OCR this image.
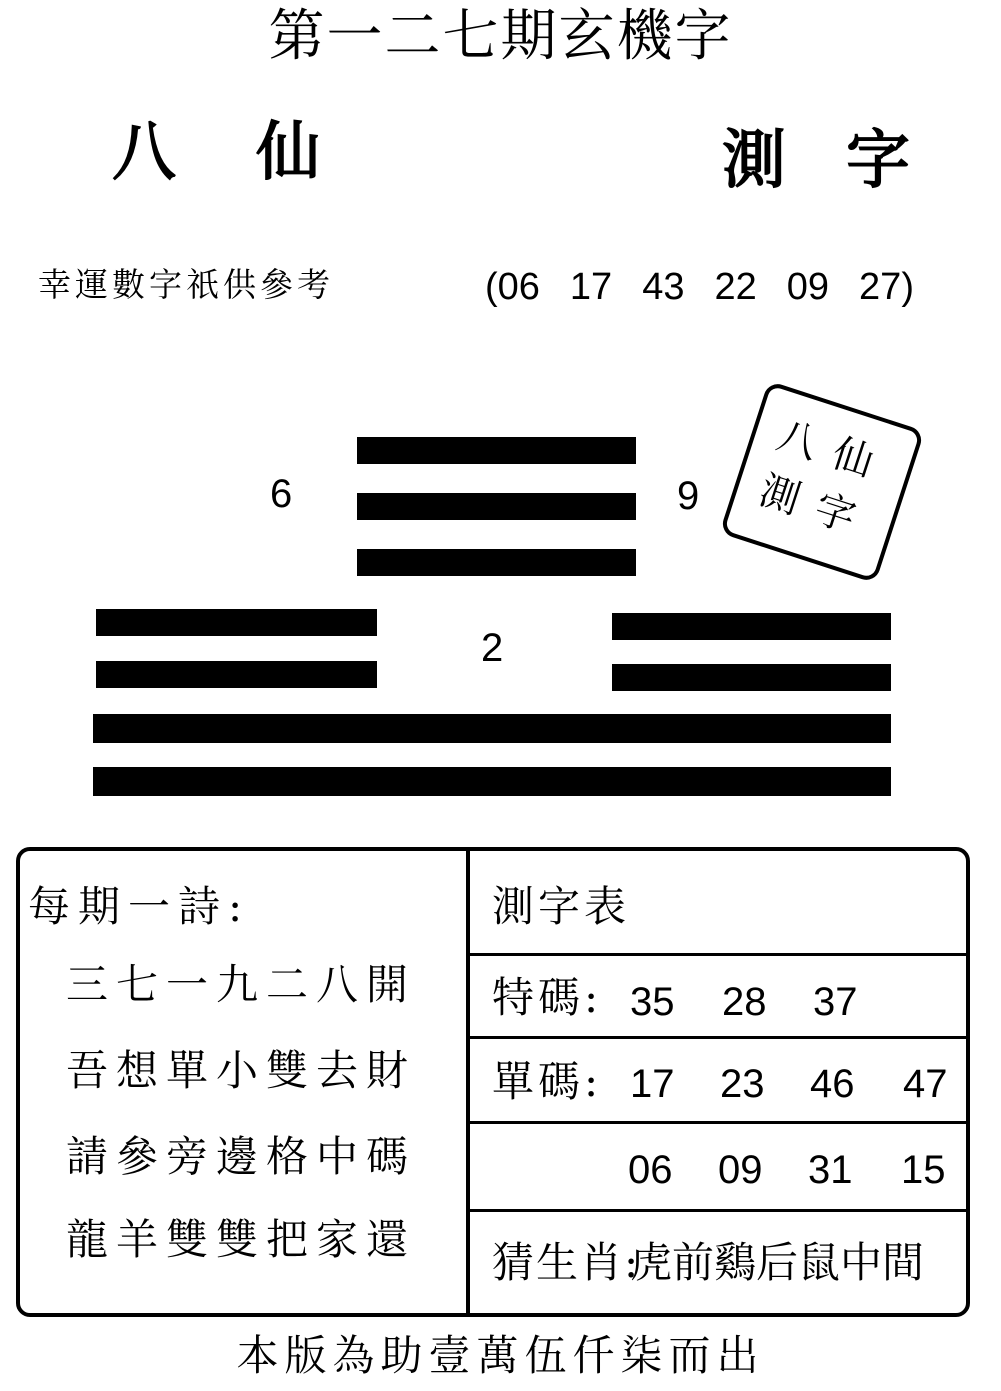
第一二七期玄機字
八仙	測字
幸運數字祇供參考	(06 17 43 22 09 27)
6	9
八仙
測字
2
每期一詩:
三七一九二八開
吾想單小雙去財
請參旁邊格中碼
龍羊雙雙把家還
測字表
特碼: 35 28 37
單碼: 17 23 46 47
06 09 31 15
猜生肖:
虎前鷄后鼠中間
本版為助壹萬伍仟柒而出
